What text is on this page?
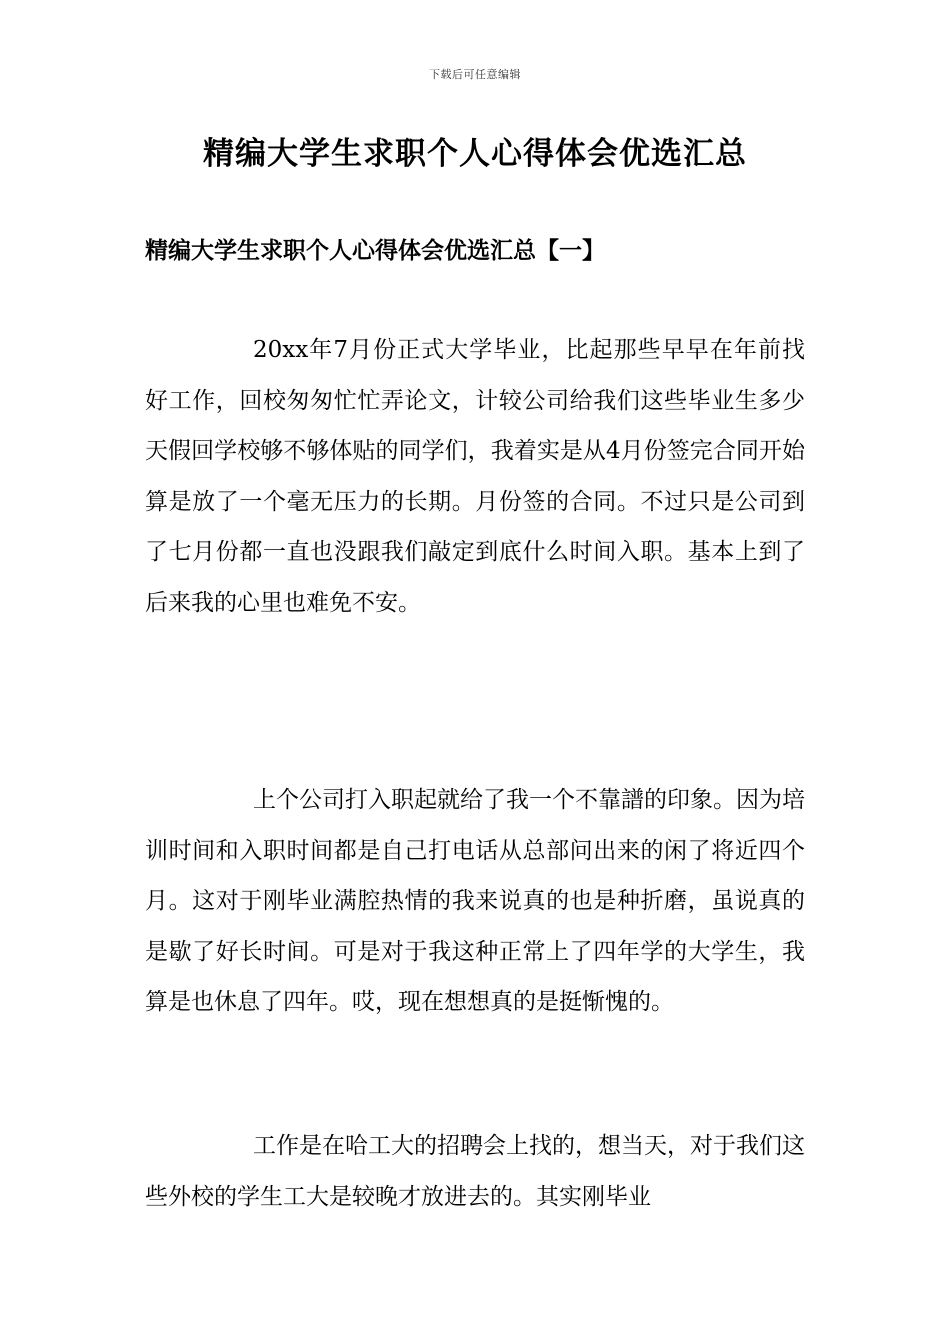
下载后可任意编辑
精编大学生求职个人心得体会优选汇总
精编大学生求职个人心得体会优选汇总【一】

20xx年7月份正式大学毕业，比起那些早早在年前找好工作，回校匆匆忙忙弄论文，计较公司给我们这些毕业生多少天假回学校够不够体贴的同学们，我着实是从4月份签完合同开始算是放了一个毫无压力的长期。月份签的合同。不过只是公司到了七月份都一直也没跟我们敲定到底什么时间入职。基本上到了后来我的心里也难免不安。

上个公司打入职起就给了我一个不靠譜的印象。因为培训时间和入职时间都是自己打电话从总部问出来的闲了将近四个月。这对于刚毕业满腔热情的我来说真的也是种折磨，虽说真的是歇了好长时间。可是对于我这种正常上了四年学的大学生，我算是也休息了四年。哎，现在想想真的是挺惭愧的。

工作是在哈工大的招聘会上找的，想当天，对于我们这些外校的学生工大是较晚才放进去的。其实刚毕业
